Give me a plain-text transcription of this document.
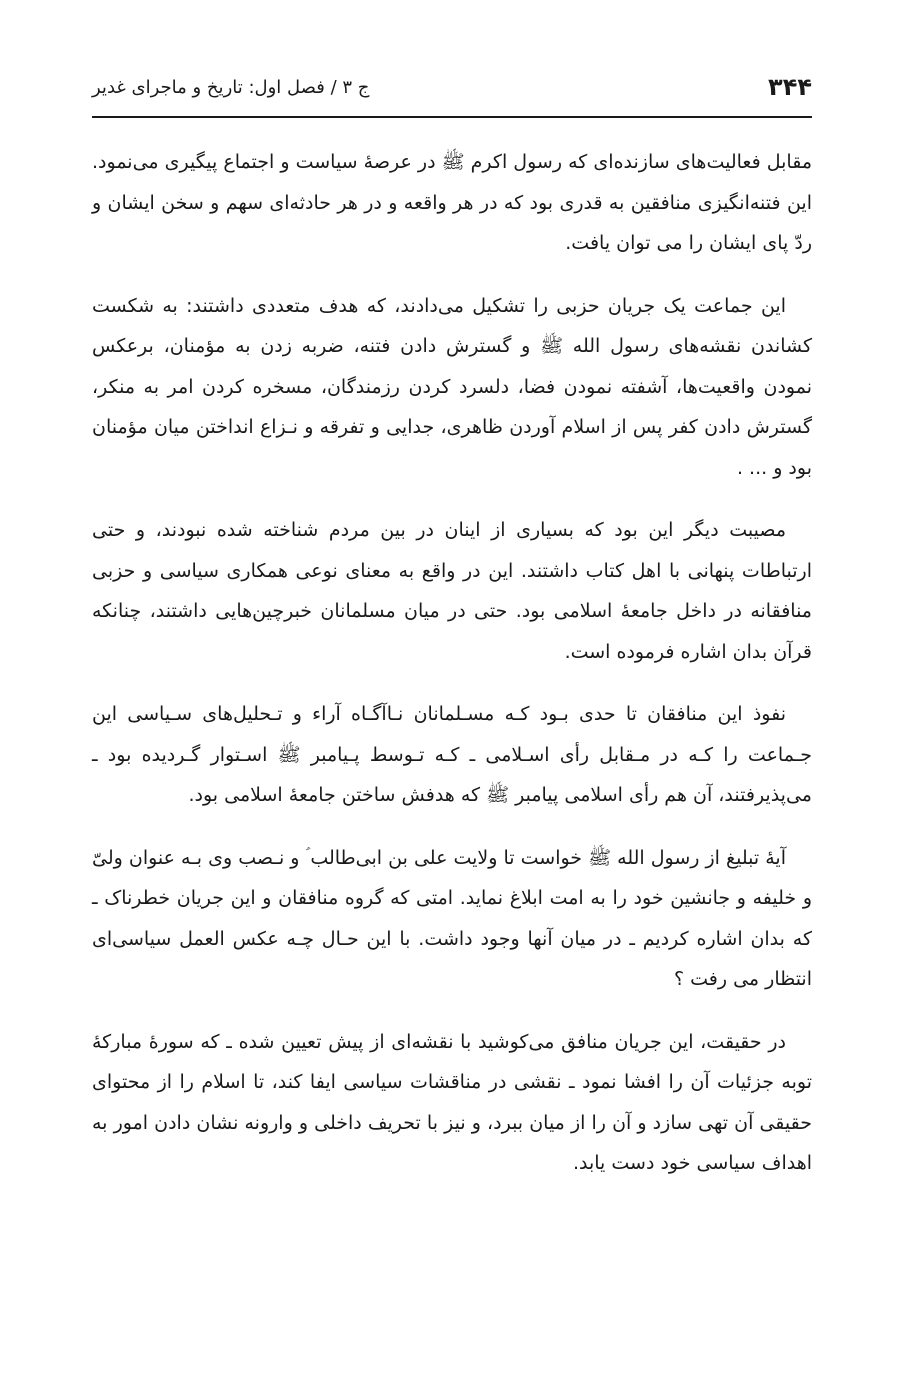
۳۴۴
ج ۳ / فصل اول: تاریخ و ماجرای غدیر

مقابل فعالیت‌های سازنده‌ای که رسول اکرم ﷺ در عرصهٔ سیاست و اجتماع پیگیری می‌نمود. این فتنه‌انگیزی منافقین به قدری بود که در هر واقعه و در هر حادثه‌ای سهم و سخن ایشان و ردّ پای ایشان را می توان یافت.

این جماعت یک جریان حزبی را تشکیل می‌دادند، که هدف متعددی داشتند: به شکست کشاندن نقشه‌های رسول الله ﷺ و گسترش دادن فتنه، ضربه زدن به مؤمنان، برعکس نمودن واقعیت‌ها، آشفته نمودن فضا، دلسرد کردن رزمندگان، مسخره کردن امر به منکر، گسترش دادن کفر پس از اسلام آوردن ظاهری، جدایی و تفرقه و نـزاع انداختن میان مؤمنان بود و ... .

مصیبت دیگر این بود که بسیاری از اینان در بین مردم شناخته شده نبودند، و حتی ارتباطات پنهانی با اهل کتاب داشتند. این در واقع به معنای نوعی همکاری سیاسی و حزبی منافقانه در داخل جامعهٔ اسلامی بود. حتی در میان مسلمانان خبرچین‌هایی داشتند، چنانکه قرآن بدان اشاره فرموده است.

نفوذ این منافقان تا حدی بـود کـه مسـلمانان نـاآگـاه آراء و تـحلیل‌های سـیاسی این جـماعت را کـه در مـقابل رأی اسـلامی ـ کـه تـوسط پـیامبر ﷺ اسـتوار گـردیده بود ـ می‌پذیرفتند، آن هم رأی اسلامی پیامبر ﷺ که هدفش ساختن جامعهٔ اسلامی بود.

آیهٔ تبلیغ از رسول الله ﷺ خواست تا ولایت علی بن ابی‌طالب ؑ و نـصب وی بـه عنوان ولیّ و خلیفه و جانشین خود را به امت ابلاغ نماید. امتی که گروه منافقان و این جریان خطرناک ـ که بدان اشاره کردیم ـ در میان آنها وجود داشت. با این حـال چـه عکس العمل سیاسی‌ای انتظار می رفت ؟

در حقیقت، این جریان منافق می‌کوشید با نقشه‌ای از پیش تعیین شده ـ که سورهٔ مبارکهٔ توبه جزئیات آن را افشا نمود ـ نقشی در مناقشات سیاسی ایفا کند، تا اسلام را از محتوای حقیقی آن تهی سازد و آن را از میان ببرد، و نیز با تحریف داخلی و وارونه نشان دادن امور به اهداف سیاسی خود دست یابد.
